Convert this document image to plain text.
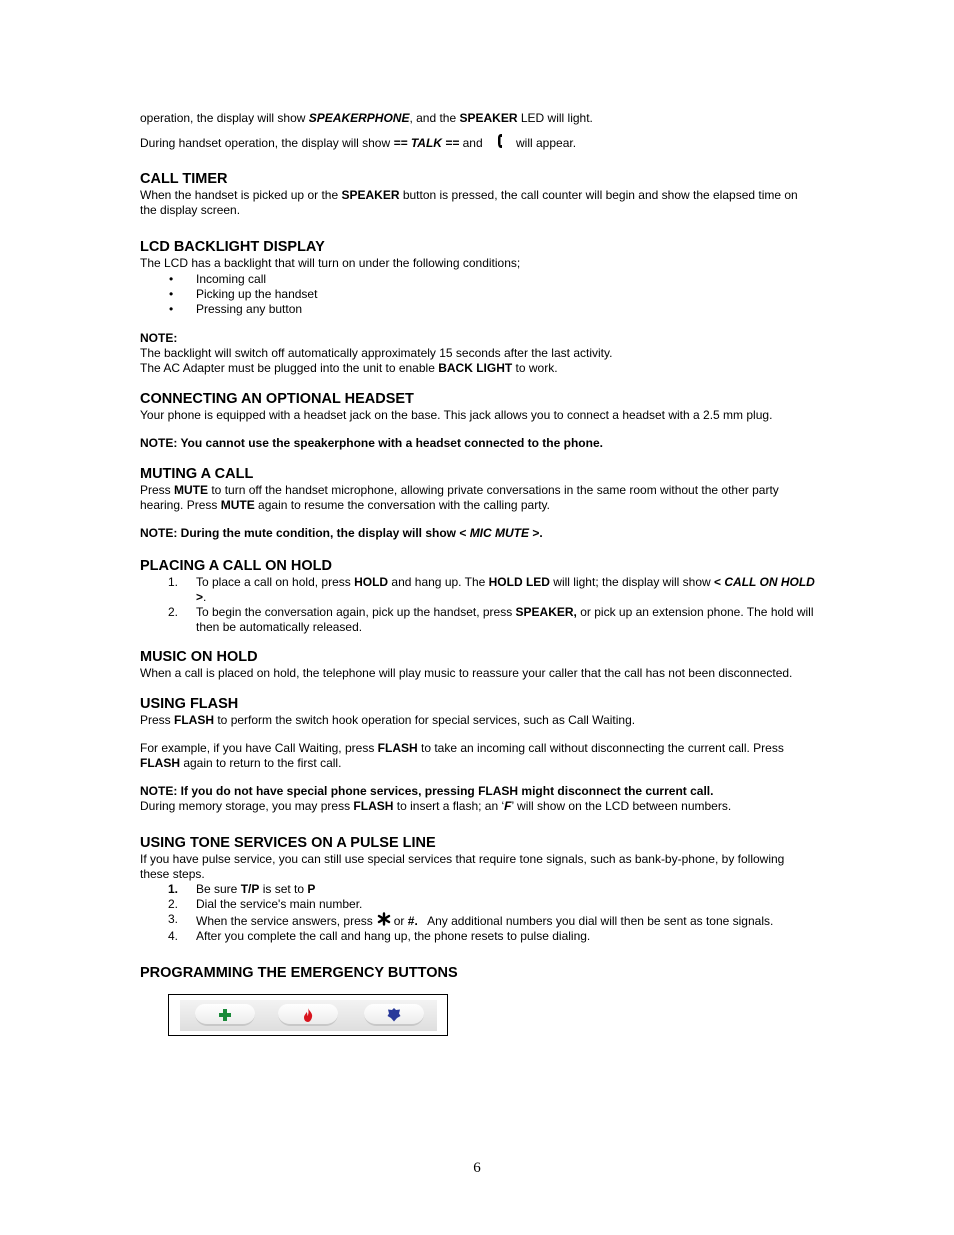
operation, the display will show SPEAKERPHONE, and the SPEAKER LED will light.

During handset operation, the display will show == TALK == and	will appear.

CALL TIMER

When the handset is picked up or the SPEAKER button is pressed, the call counter will begin and show the elapsed time on the display screen.

LCD BACKLIGHT DISPLAY

The LCD has a backlight that will turn on under the following conditions;

• Incoming call
• Picking up the handset
• Pressing any button

NOTE:

The backlight will switch off automatically approximately 15 seconds after the last activity.

The AC Adapter must be plugged into the unit to enable BACK LIGHT to work.

CONNECTING AN OPTIONAL HEADSET

Your phone is equipped with a headset jack on the base. This jack allows you to connect a headset with a 2.5 mm plug.

NOTE: You cannot use the speakerphone with a headset connected to the phone.

MUTING A CALL

Press MUTE to turn off the handset microphone, allowing private conversations in the same room without the other party hearing. Press MUTE again to resume the conversation with the calling party.

NOTE: During the mute condition, the display will show < MIC MUTE >.

PLACING A CALL ON HOLD
1. To place a call on hold, press HOLD and hang up. The HOLD LED will light; the display will show < CALL ON HOLD >.
2. To begin the conversation again, pick up the handset, press SPEAKER, or pick up an extension phone. The hold will then be automatically released.
MUSIC ON HOLD

When a call is placed on hold, the telephone will play music to reassure your caller that the call has not been disconnected.

USING FLASH

Press FLASH to perform the switch hook operation for special services, such as Call Waiting.

For example, if you have Call Waiting, press FLASH to take an incoming call without disconnecting the current call. Press FLASH again to return to the first call.

NOTE: If you do not have special phone services, pressing FLASH might disconnect the current call.

During memory storage, you may press FLASH to insert a flash; an ‘F’ will show on the LCD between numbers.

USING TONE SERVICES ON A PULSE LINE

If you have pulse service, you can still use special services that require tone signals, such as bank-by-phone, by following these steps.

1. Be sure T/P is set to P
2. Dial the service's main number.
3. When the service answers, press or #.   Any additional numbers you dial will then be sent as tone signals.
4. After you complete the call and hang up, the phone resets to pulse dialing.
PROGRAMMING THE EMERGENCY BUTTONS
6
